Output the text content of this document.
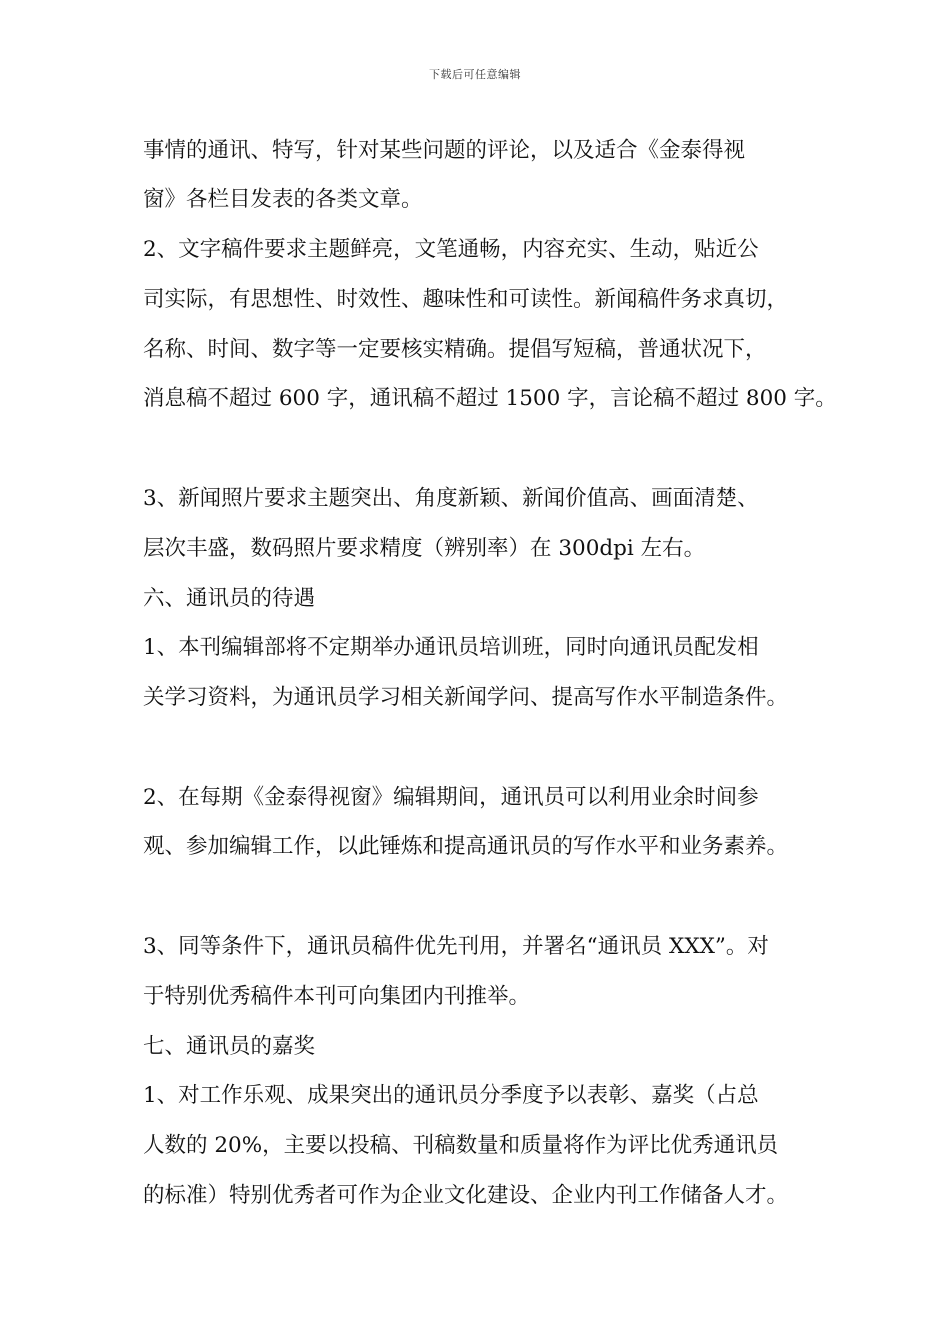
下载后可任意编辑
事情的通讯、特写，针对某些问题的评论，以及适合《金泰得视
窗》各栏目发表的各类文章。
2、文字稿件要求主题鲜亮，文笔通畅，内容充实、生动，贴近公
司实际，有思想性、时效性、趣味性和可读性。新闻稿件务求真切，
名称、时间、数字等一定要核实精确。提倡写短稿，普通状况下，
消息稿不超过 600 字，通讯稿不超过 1500 字，言论稿不超过 800 字。
3、新闻照片要求主题突出、角度新颖、新闻价值高、画面清楚、
层次丰盛，数码照片要求精度（辨别率）在 300dpi 左右。
六、通讯员的待遇
1、本刊编辑部将不定期举办通讯员培训班，同时向通讯员配发相
关学习资料，为通讯员学习相关新闻学问、提高写作水平制造条件。
2、在每期《金泰得视窗》编辑期间，通讯员可以利用业余时间参
观、参加编辑工作，以此锤炼和提高通讯员的写作水平和业务素养。
3、同等条件下，通讯员稿件优先刊用，并署名“通讯员 XXX”。对
于特别优秀稿件本刊可向集团内刊推举。
七、通讯员的嘉奖
1、对工作乐观、成果突出的通讯员分季度予以表彰、嘉奖（占总
人数的 20%，主要以投稿、刊稿数量和质量将作为评比优秀通讯员
的标准）特别优秀者可作为企业文化建设、企业内刊工作储备人才。
